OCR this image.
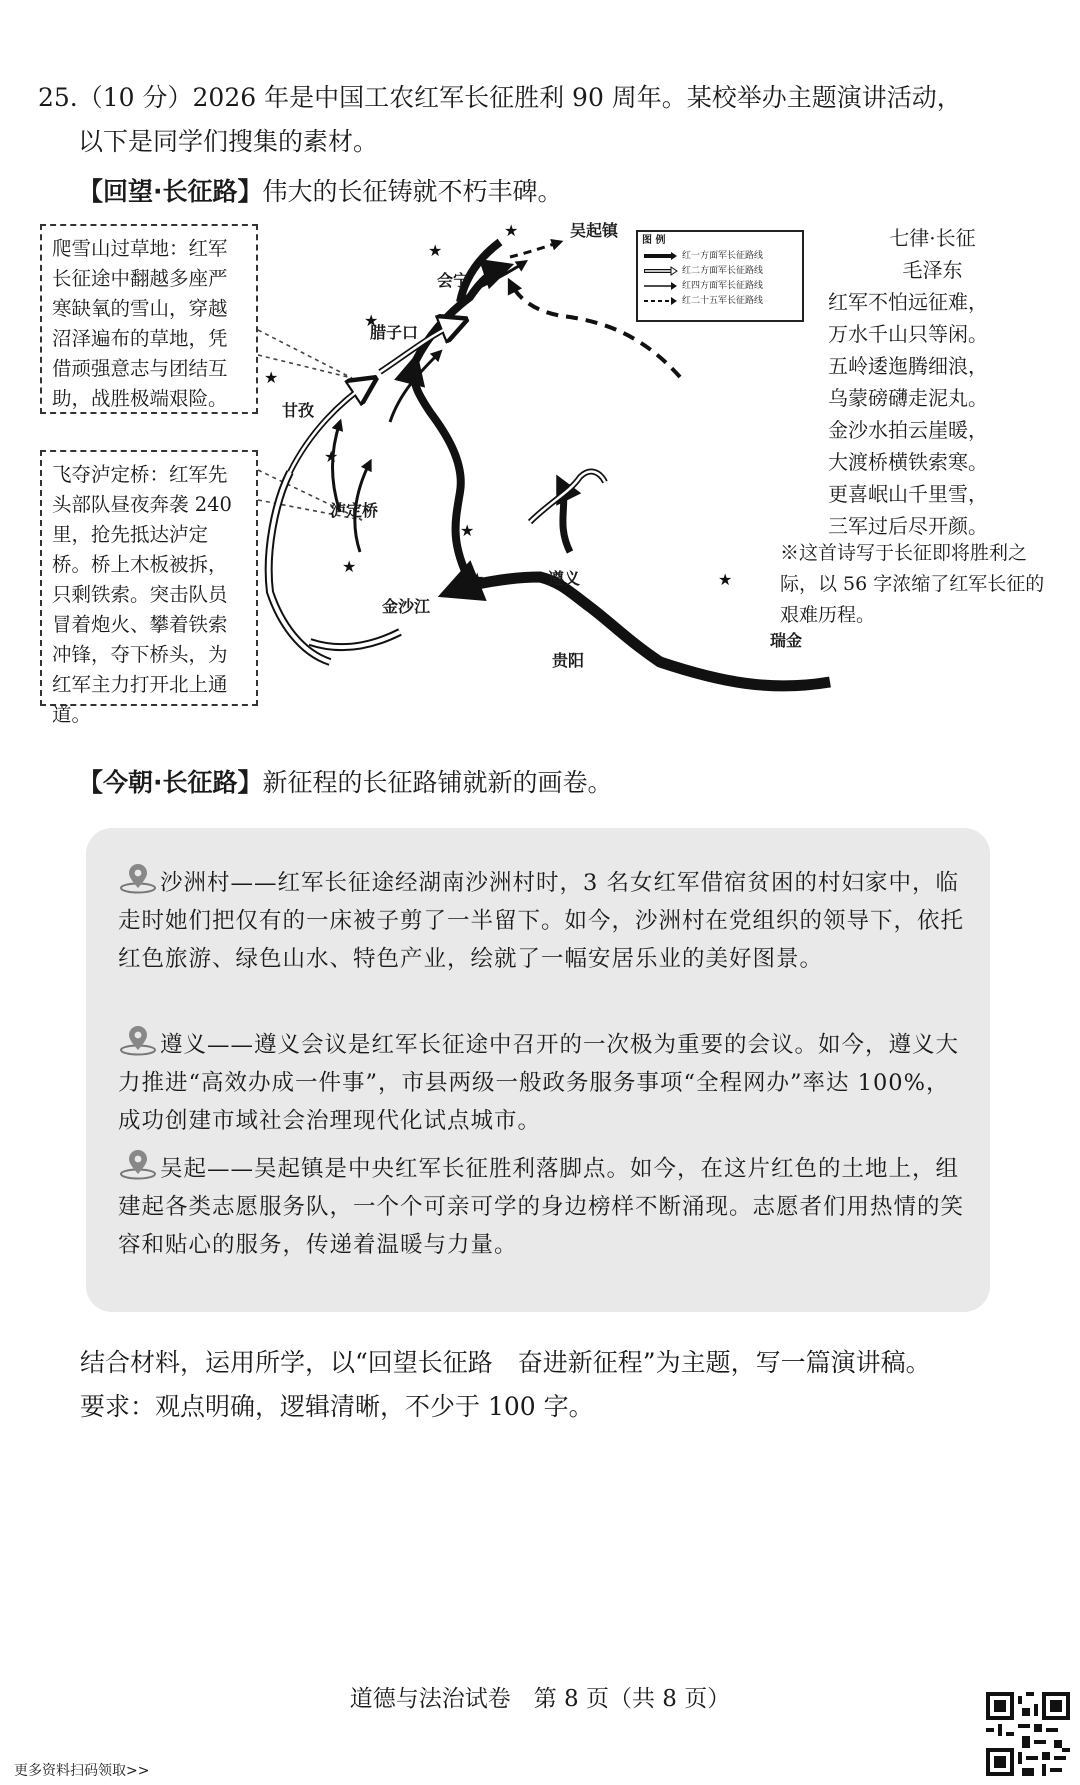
25.（10 分）2026 年是中国工农红军长征胜利 90 周年。某校举办主题演讲活动，
以下是同学们搜集的素材。
【回望·长征路】伟大的长征铸就不朽丰碑。
爬雪山过草地：红军长征途中翻越多座严寒缺氧的雪山，穿越沼泽遍布的草地，凭借顽强意志与团结互助，战胜极端艰险。
飞夺泸定桥：红军先头部队昼夜奔袭 240 里，抢先抵达泸定桥。桥上木板被拆，只剩铁索。突击队员冒着炮火、攀着铁索冲锋，夺下桥头，为红军主力打开北上通道。
★
★
★
★
★
★
★
★	★
吴起镇
会宁
腊子口
甘孜
泸定桥
金沙江
遵义
贵阳
瑞金
图 例
红一方面军长征路线
红二方面军长征路线
红四方面军长征路线
红二十五军长征路线
七律·长征
毛泽东
红军不怕远征难，
万水千山只等闲。
五岭逶迤腾细浪，
乌蒙磅礴走泥丸。
金沙水拍云崖暖，
大渡桥横铁索寒。
更喜岷山千里雪，
三军过后尽开颜。
※这首诗写于长征即将胜利之际，以 56 字浓缩了红军长征的艰难历程。
【今朝·长征路】新征程的长征路铺就新的画卷。
沙洲村——红军长征途经湖南沙洲村时，3 名女红军借宿贫困的村妇家中，临走时她们把仅有的一床被子剪了一半留下。如今，沙洲村在党组织的领导下，依托红色旅游、绿色山水、特色产业，绘就了一幅安居乐业的美好图景。
遵义——遵义会议是红军长征途中召开的一次极为重要的会议。如今，遵义大力推进“高效办成一件事”，市县两级一般政务服务事项“全程网办”率达 100%，成功创建市域社会治理现代化试点城市。
吴起——吴起镇是中央红军长征胜利落脚点。如今，在这片红色的土地上，组建起各类志愿服务队，一个个可亲可学的身边榜样不断涌现。志愿者们用热情的笑容和贴心的服务，传递着温暖与力量。
结合材料，运用所学，以“回望长征路　奋进新征程”为主题，写一篇演讲稿。
要求：观点明确，逻辑清晰，不少于 100 字。
道德与法治试卷　第 8 页（共 8 页）
更多资料扫码领取>>
